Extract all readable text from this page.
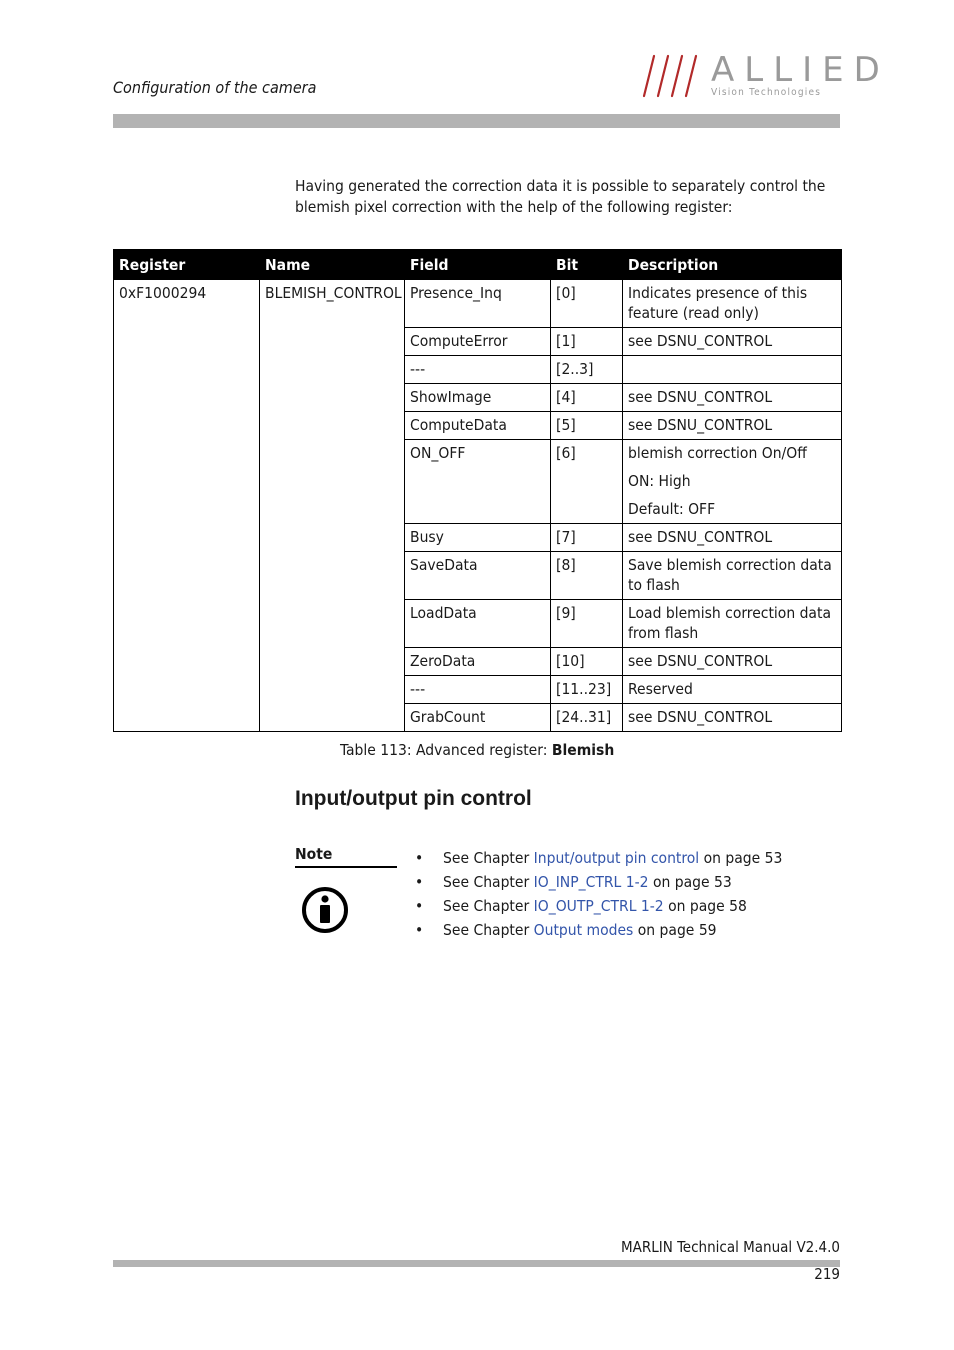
Configuration of the camera	ALLIED
Vision Technologies
Having generated the correction data it is possible to separately control the blemish pixel correction with the help of the following register:
Register	Name	Field	Bit	Description
0xF1000294	BLEMISH_CONTROL	Presence_Inq	[0]	Indicates presence of this feature (read only)

		ComputeError	[1]	see DSNU_CONTROL

		---	[2..3]	

		ShowImage	[4]	see DSNU_CONTROL

		ComputeData	[5]	see DSNU_CONTROL

		ON_OFF	[6]	blemish correction On/Off

ON: High

Default: OFF

		Busy	[7]	see DSNU_CONTROL

		SaveData	[8]	Save blemish correction data to flash

		LoadData	[9]	Load blemish correction data from flash

		ZeroData	[10]	see DSNU_CONTROL

		---	[11..23]	Reserved

		GrabCount	[24..31]	see DSNU_CONTROL

Table 113: Advanced register: Blemish
Input/output pin control
Note	• See Chapter Input/output pin control on page 53
• See Chapter IO_INP_CTRL 1-2 on page 53
• See Chapter IO_OUTP_CTRL 1-2 on page 58
• See Chapter Output modes on page 59
MARLIN Technical Manual V2.4.0
219
